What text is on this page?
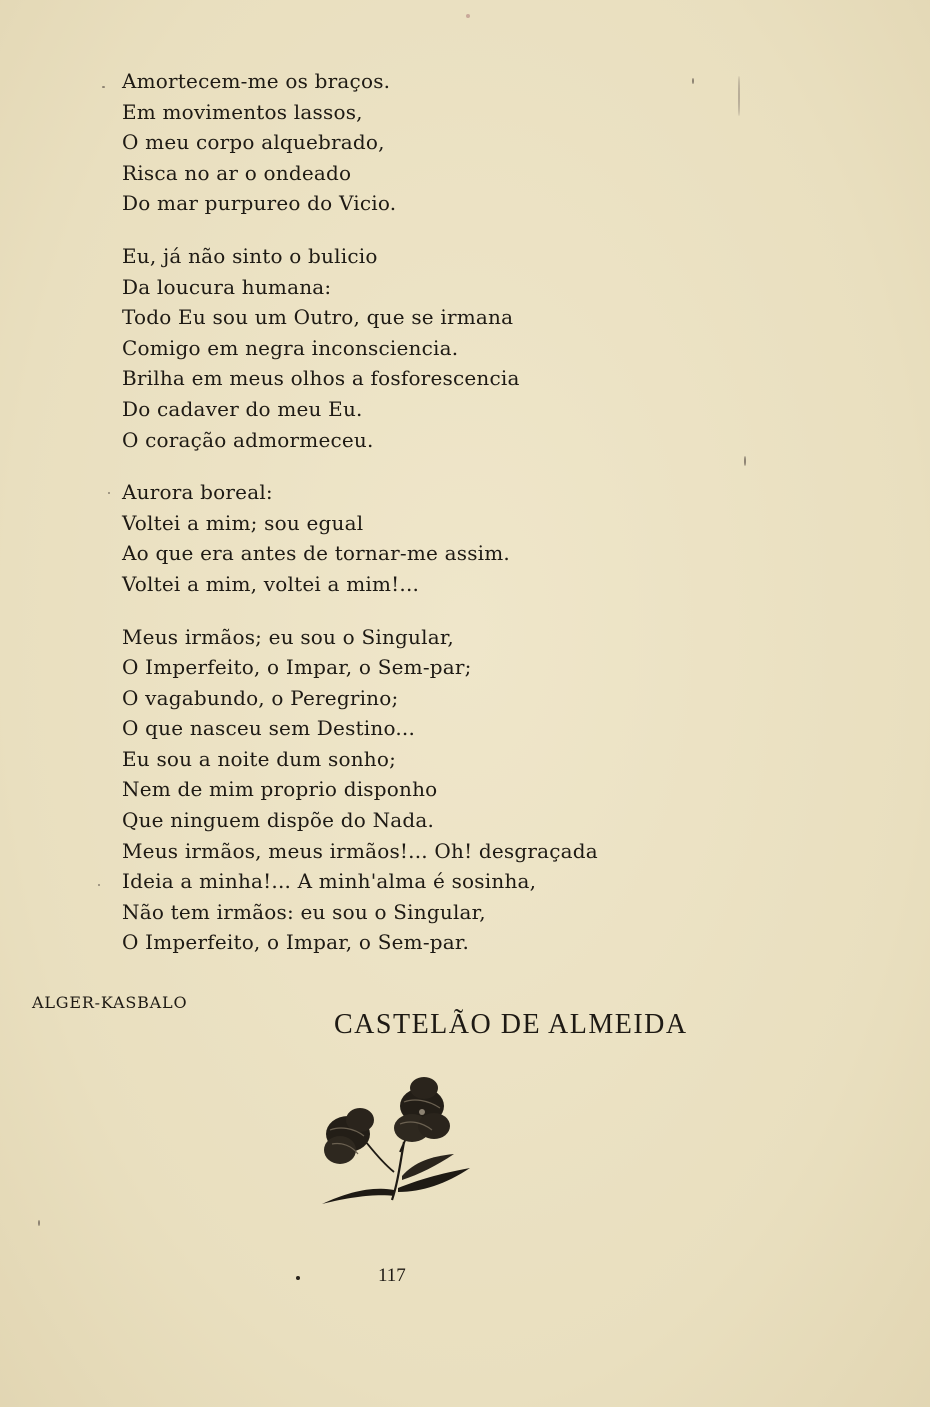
Amortecem-me os braços.
Em movimentos lassos,
O meu corpo alquebrado,
Risca no ar o ondeado
Do mar purpureo do Vicio.
Eu, já não sinto o bulicio
Da loucura humana:
Todo Eu sou um Outro, que se irmana
Comigo em negra inconsciencia.
Brilha em meus olhos a fosforescencia
Do cadaver do meu Eu.
O coração admormeceu.
Aurora boreal:
Voltei a mim; sou egual
Ao que era antes de tornar-me assim.
Voltei a mim, voltei a mim!...
Meus irmãos; eu sou o Singular,
O Imperfeito, o Impar, o Sem-par;
O vagabundo, o Peregrino;
O que nasceu sem Destino...
Eu sou a noite dum sonho;
Nem de mim proprio disponho
Que ninguem dispõe do Nada.
Meus irmãos, meus irmãos!... Oh! desgraçada
Ideia a minha!... A minh'alma é sosinha,
Não tem irmãos: eu sou o Singular,
O Imperfeito, o Impar, o Sem-par.
ALGER-KASBALO
CASTELÃO DE ALMEIDA
117
